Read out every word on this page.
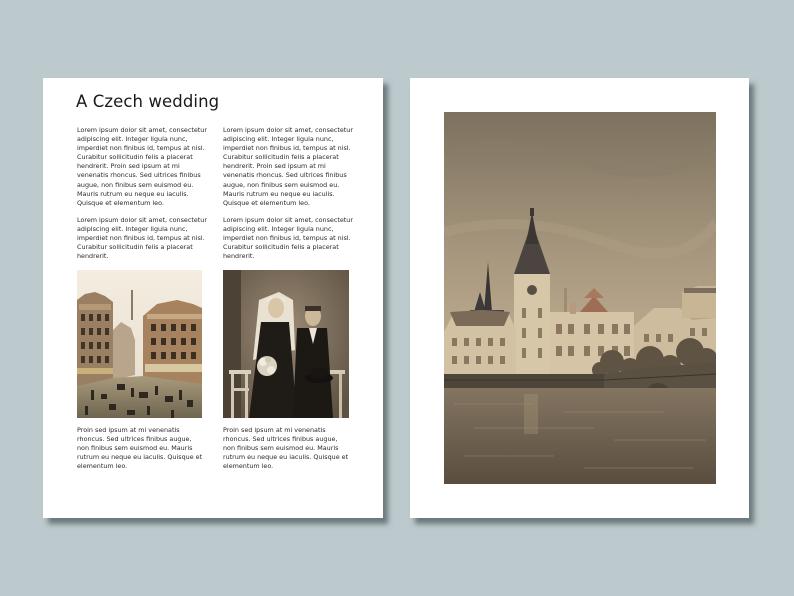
A Czech wedding
Lorem ipsum dolor sit amet, consectetur adipiscing elit. Integer ligula nunc, imperdiet non finibus id, tempus at nisl. Curabitur sollicitudin felis a placerat hendrerit. Proin sed ipsum at mi venenatis rhoncus. Sed ultrices finibus augue, non finibus sem euismod eu. Mauris rutrum eu neque eu iaculis. Quisque et elementum leo.
Lorem ipsum dolor sit amet, consectetur adipiscing elit. Integer ligula nunc, imperdiet non finibus id, tempus at nisl. Curabitur sollicitudin felis a placerat hendrerit.
Lorem ipsum dolor sit amet, consectetur adipiscing elit. Integer ligula nunc, imperdiet non finibus id, tempus at nisl. Curabitur sollicitudin felis a placerat hendrerit. Proin sed ipsum at mi venenatis rhoncus. Sed ultrices finibus augue, non finibus sem euismod eu. Mauris rutrum eu neque eu iaculis. Quisque et elementum leo.
Lorem ipsum dolor sit amet, consectetur adipiscing elit. Integer ligula nunc, imperdiet non finibus id, tempus at nisl. Curabitur sollicitudin felis a placerat hendrerit.
Proin sed ipsum at mi venenatis rhoncus. Sed ultrices finibus augue, non finibus sem euismod eu. Mauris rutrum eu neque eu iaculis. Quisque et elementum leo.
Proin sed ipsum at mi venenatis rhoncus. Sed ultrices finibus augue, non finibus sem euismod eu. Mauris rutrum eu neque eu iaculis. Quisque et elementum leo.
